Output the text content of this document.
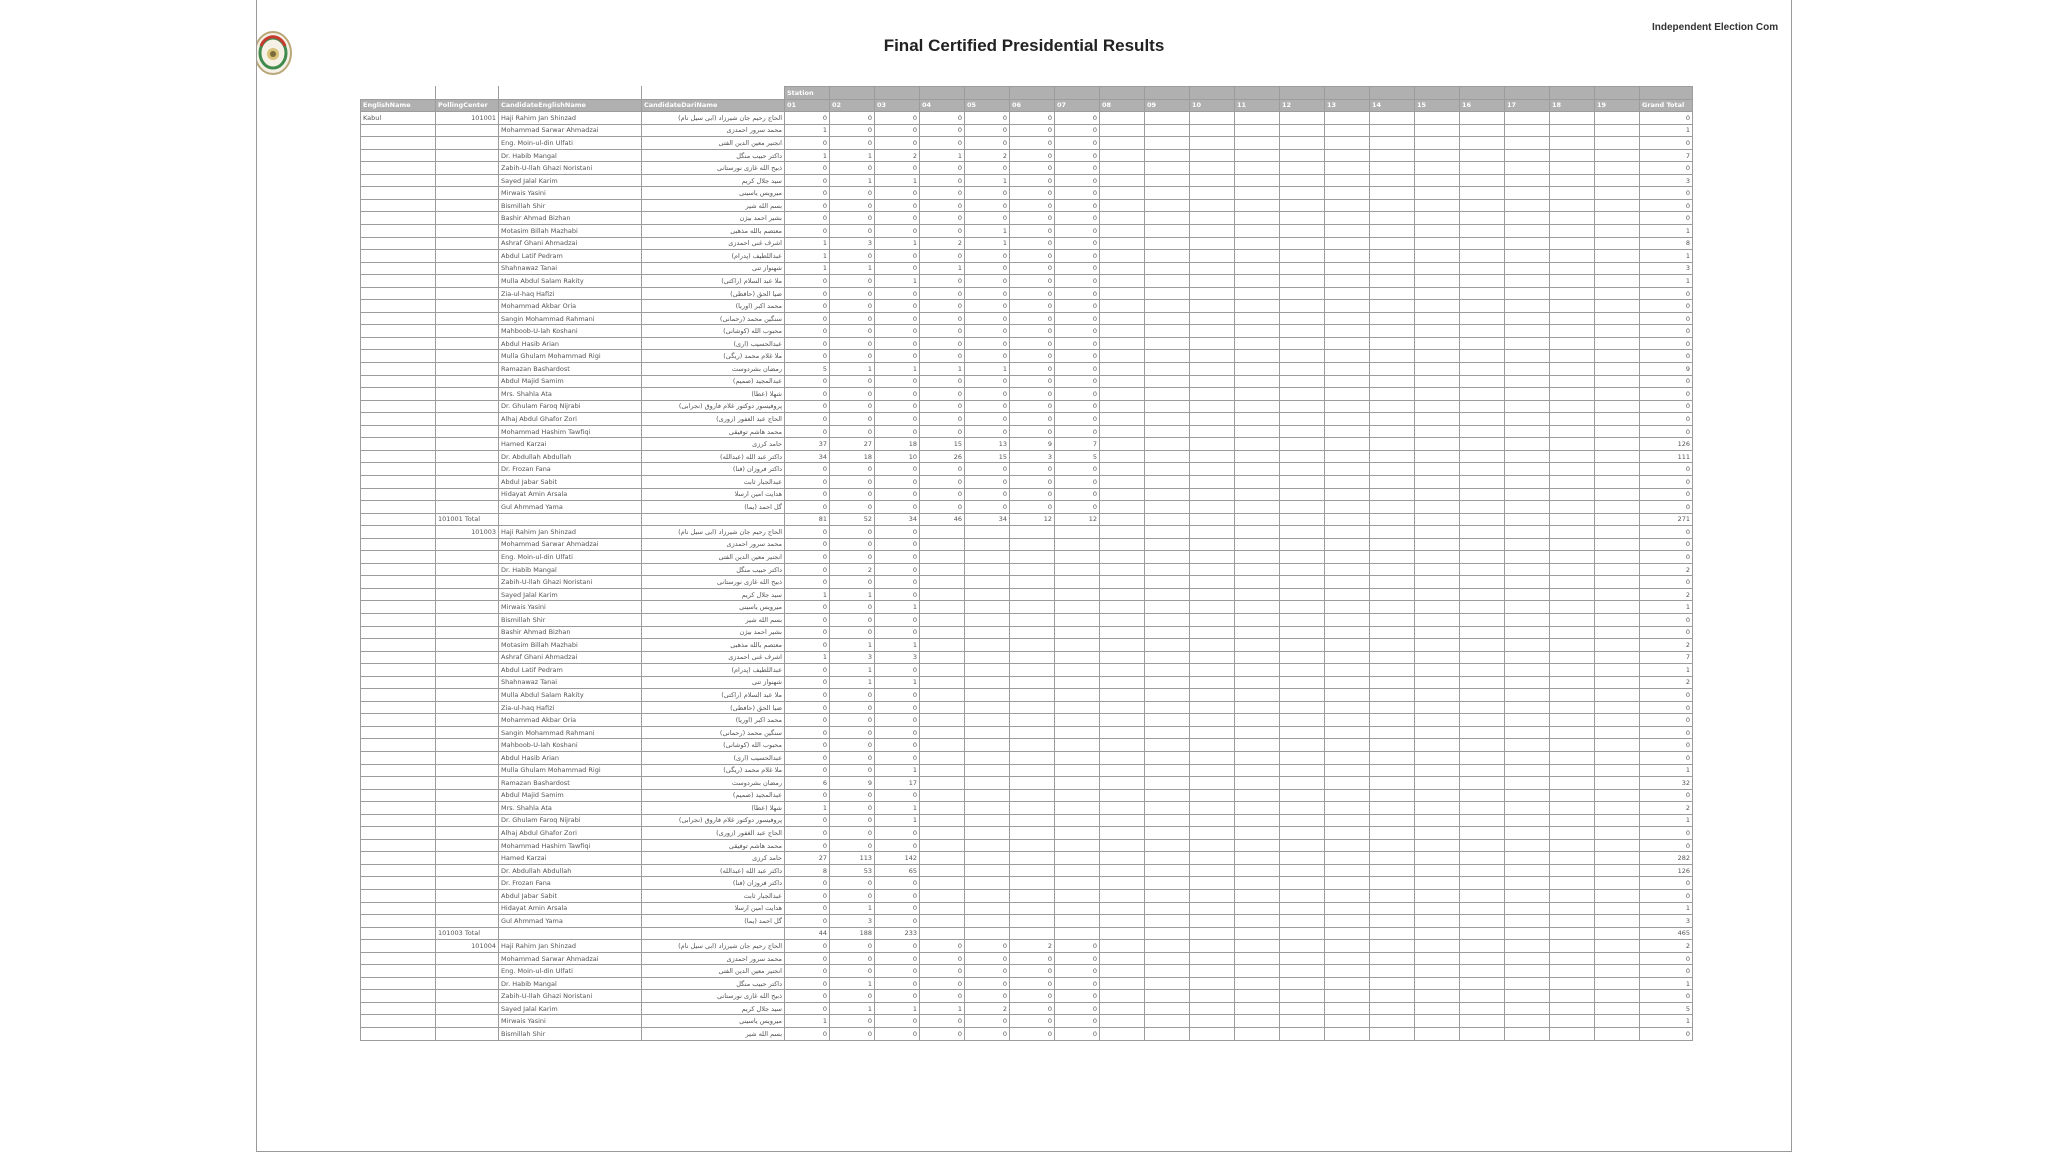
Final Certified Presidential Results
Independent Election Com
				Station																			
EnglishName	PollingCenter	CandidateEnglishName	CandidateDariName	01	02	03	04	05	06	07	08	09	10	11	12	13	14	15	16	17	18	19	Grand Total
Kabul	101001	Haji Rahim Jan Shinzad	الحاج رحیم جان شیرزاد (ابی سیل نام)	0	0	0	0	0	0	0													0
		Mohammad Sarwar Ahmadzai	محمد سرور احمدزی	1	0	0	0	0	0	0													1
		Eng. Moin-ul-din Ulfati	انجنیر معین الدین الفتی	0	0	0	0	0	0	0													0
		Dr. Habib Mangal	داکتر حبیب منگل	1	1	2	1	2	0	0													7
		Zabih-U-llah Ghazi Noristani	ذبیح الله غازی نورستانی	0	0	0	0	0	0	0													0
		Sayed Jalal Karim	سید جلال کریم	0	1	1	0	1	0	0													3
		Mirwais Yasini	میرویس یاسینی	0	0	0	0	0	0	0													0
		Bismillah Shir	بسم الله شیر	0	0	0	0	0	0	0													0
		Bashir Ahmad Bizhan	بشیر احمد بیژن	0	0	0	0	0	0	0													0
		Motasim Billah Mazhabi	معتصم بالله مذهبی	0	0	0	0	1	0	0													1
		Ashraf Ghani Ahmadzai	اشرف غنی احمدزی	1	3	1	2	1	0	0													8
		Abdul Latif Pedram	عبداللطیف (پدرام)	1	0	0	0	0	0	0													1
		Shahnawaz Tanai	شهنواز تنی	1	1	0	1	0	0	0													3
		Mulla Abdul Salam Rakity	ملا عبد السلام (راکتی)	0	0	1	0	0	0	0													1
		Zia-ul-haq Hafizi	ضیا الحق (حافظی)	0	0	0	0	0	0	0													0
		Mohammad Akbar Oria	محمد اکبر (اوریا)	0	0	0	0	0	0	0													0
		Sangin Mohammad Rahmani	سنگین محمد (رحمانی)	0	0	0	0	0	0	0													0
		Mahboob-U-lah Koshani	محبوب الله (کوشانی)	0	0	0	0	0	0	0													0
		Abdul Hasib Arian	عبدالحسیب (اری)	0	0	0	0	0	0	0													0
		Mulla Ghulam Mohammad Rigi	ملا غلام محمد (ریگی)	0	0	0	0	0	0	0													0
		Ramazan Bashardost	رمضان بشردوست	5	1	1	1	1	0	0													9
		Abdul Majid Samim	عبدالمجید (صمیم)	0	0	0	0	0	0	0													0
		Mrs. Shahla Ata	شهلا (عطا)	0	0	0	0	0	0	0													0
		Dr. Ghulam Faroq Nijrabi	پروفیسور دوکتور غلام فاروق (نجرابی)	0	0	0	0	0	0	0													0
		Alhaj Abdul Ghafor Zori	الحاج عبد الغفور (زوری)	0	0	0	0	0	0	0													0
		Mohammad Hashim Tawfiqi	محمد هاشم توفیقی	0	0	0	0	0	0	0													0
		Hamed Karzai	حامد کرزی	37	27	18	15	13	9	7													126
		Dr. Abdullah Abdullah	داکتر عبد الله (عبدالله)	34	18	10	26	15	3	5													111
		Dr. Frozan Fana	داکتر فروزان (فنا)	0	0	0	0	0	0	0													0
		Abdul Jabar Sabit	عبدالجبار ثابت	0	0	0	0	0	0	0													0
		Hidayat Amin Arsala	هدایت امین ارسلا	0	0	0	0	0	0	0													0
		Gul Ahmmad Yama	گل احمد (یما)	0	0	0	0	0	0	0													0
	101001 Total			81	52	34	46	34	12	12													271
	101003	Haji Rahim Jan Shinzad	الحاج رحیم جان شیرزاد (ابی سیل نام)	0	0	0																	0
		Mohammad Sarwar Ahmadzai	محمد سرور احمدزی	0	0	0																	0
		Eng. Moin-ul-din Ulfati	انجنیر معین الدین الفتی	0	0	0																	0
		Dr. Habib Mangal	داکتر حبیب منگل	0	2	0																	2
		Zabih-U-llah Ghazi Noristani	ذبیح الله غازی نورستانی	0	0	0																	0
		Sayed Jalal Karim	سید جلال کریم	1	1	0																	2
		Mirwais Yasini	میرویس یاسینی	0	0	1																	1
		Bismillah Shir	بسم الله شیر	0	0	0																	0
		Bashir Ahmad Bizhan	بشیر احمد بیژن	0	0	0																	0
		Motasim Billah Mazhabi	معتصم بالله مذهبی	0	1	1																	2
		Ashraf Ghani Ahmadzai	اشرف غنی احمدزی	1	3	3																	7
		Abdul Latif Pedram	عبداللطیف (پدرام)	0	1	0																	1
		Shahnawaz Tanai	شهنواز تنی	0	1	1																	2
		Mulla Abdul Salam Rakity	ملا عبد السلام (راکتی)	0	0	0																	0
		Zia-ul-haq Hafizi	ضیا الحق (حافظی)	0	0	0																	0
		Mohammad Akbar Oria	محمد اکبر (اوریا)	0	0	0																	0
		Sangin Mohammad Rahmani	سنگین محمد (رحمانی)	0	0	0																	0
		Mahboob-U-lah Koshani	محبوب الله (کوشانی)	0	0	0																	0
		Abdul Hasib Arian	عبدالحسیب (اری)	0	0	0																	0
		Mulla Ghulam Mohammad Rigi	ملا غلام محمد (ریگی)	0	0	1																	1
		Ramazan Bashardost	رمضان بشردوست	6	9	17																	32
		Abdul Majid Samim	عبدالمجید (صمیم)	0	0	0																	0
		Mrs. Shahla Ata	شهلا (عطا)	1	0	1																	2
		Dr. Ghulam Faroq Nijrabi	پروفیسور دوکتور غلام فاروق (نجرابی)	0	0	1																	1
		Alhaj Abdul Ghafor Zori	الحاج عبد الغفور (زوری)	0	0	0																	0
		Mohammad Hashim Tawfiqi	محمد هاشم توفیقی	0	0	0																	0
		Hamed Karzai	حامد کرزی	27	113	142																	282
		Dr. Abdullah Abdullah	داکتر عبد الله (عبدالله)	8	53	65																	126
		Dr. Frozan Fana	داکتر فروزان (فنا)	0	0	0																	0
		Abdul Jabar Sabit	عبدالجبار ثابت	0	0	0																	0
		Hidayat Amin Arsala	هدایت امین ارسلا	0	1	0																	1
		Gul Ahmmad Yama	گل احمد (یما)	0	3	0																	3
	101003 Total			44	188	233																	465
	101004	Haji Rahim Jan Shinzad	الحاج رحیم جان شیرزاد (ابی سیل نام)	0	0	0	0	0	2	0													2
		Mohammad Sarwar Ahmadzai	محمد سرور احمدزی	0	0	0	0	0	0	0													0
		Eng. Moin-ul-din Ulfati	انجنیر معین الدین الفتی	0	0	0	0	0	0	0													0
		Dr. Habib Mangal	داکتر حبیب منگل	0	1	0	0	0	0	0													1
		Zabih-U-llah Ghazi Noristani	ذبیح الله غازی نورستانی	0	0	0	0	0	0	0													0
		Sayed Jalal Karim	سید جلال کریم	0	1	1	1	2	0	0													5
		Mirwais Yasini	میرویس یاسینی	1	0	0	0	0	0	0													1
		Bismillah Shir	بسم الله شیر	0	0	0	0	0	0	0													0
